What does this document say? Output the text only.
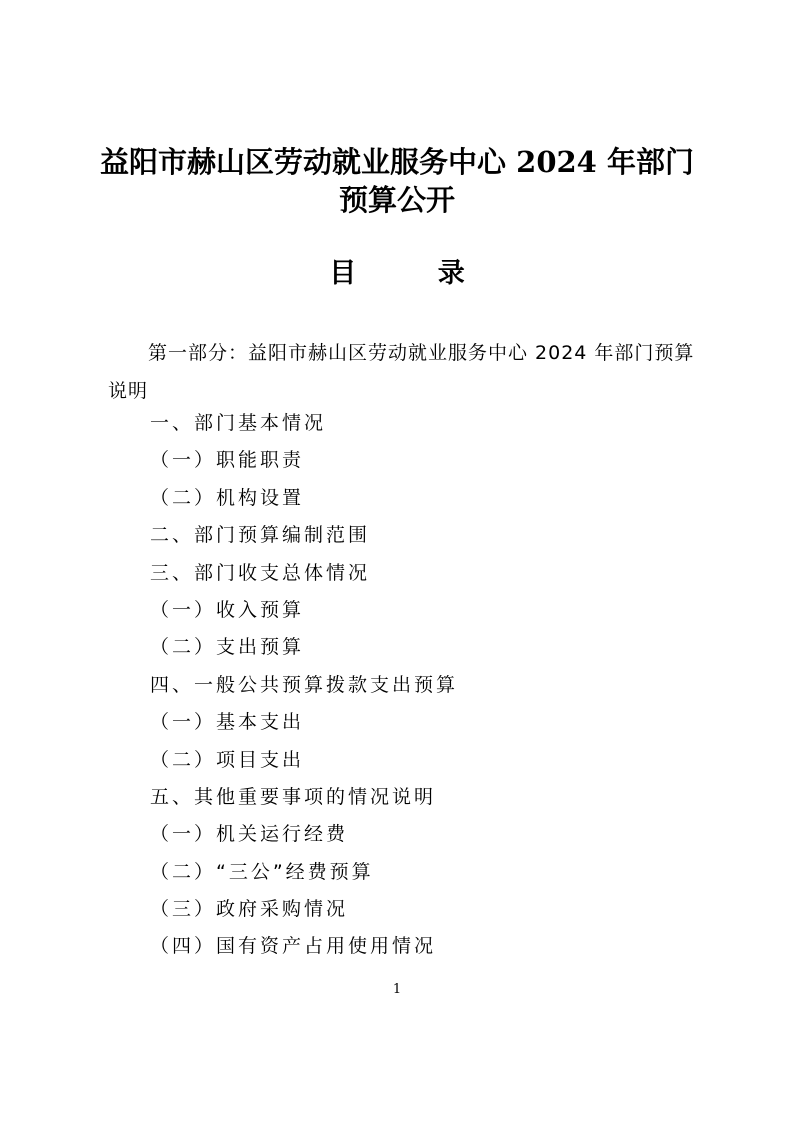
益阳市赫山区劳动就业服务中心 2024 年部门
预算公开
目 录

第一部分：益阳市赫山区劳动就业服务中心 2024 年部门预算说明

一、部门基本情况
（一）职能职责
（二）机构设置
二、部门预算编制范围
三、部门收支总体情况
（一）收入预算
（二）支出预算
四、一般公共预算拨款支出预算
（一）基本支出
（二）项目支出
五、其他重要事项的情况说明
（一）机关运行经费
（二）“三公”经费预算
（三）政府采购情况
（四）国有资产占用使用情况

1
